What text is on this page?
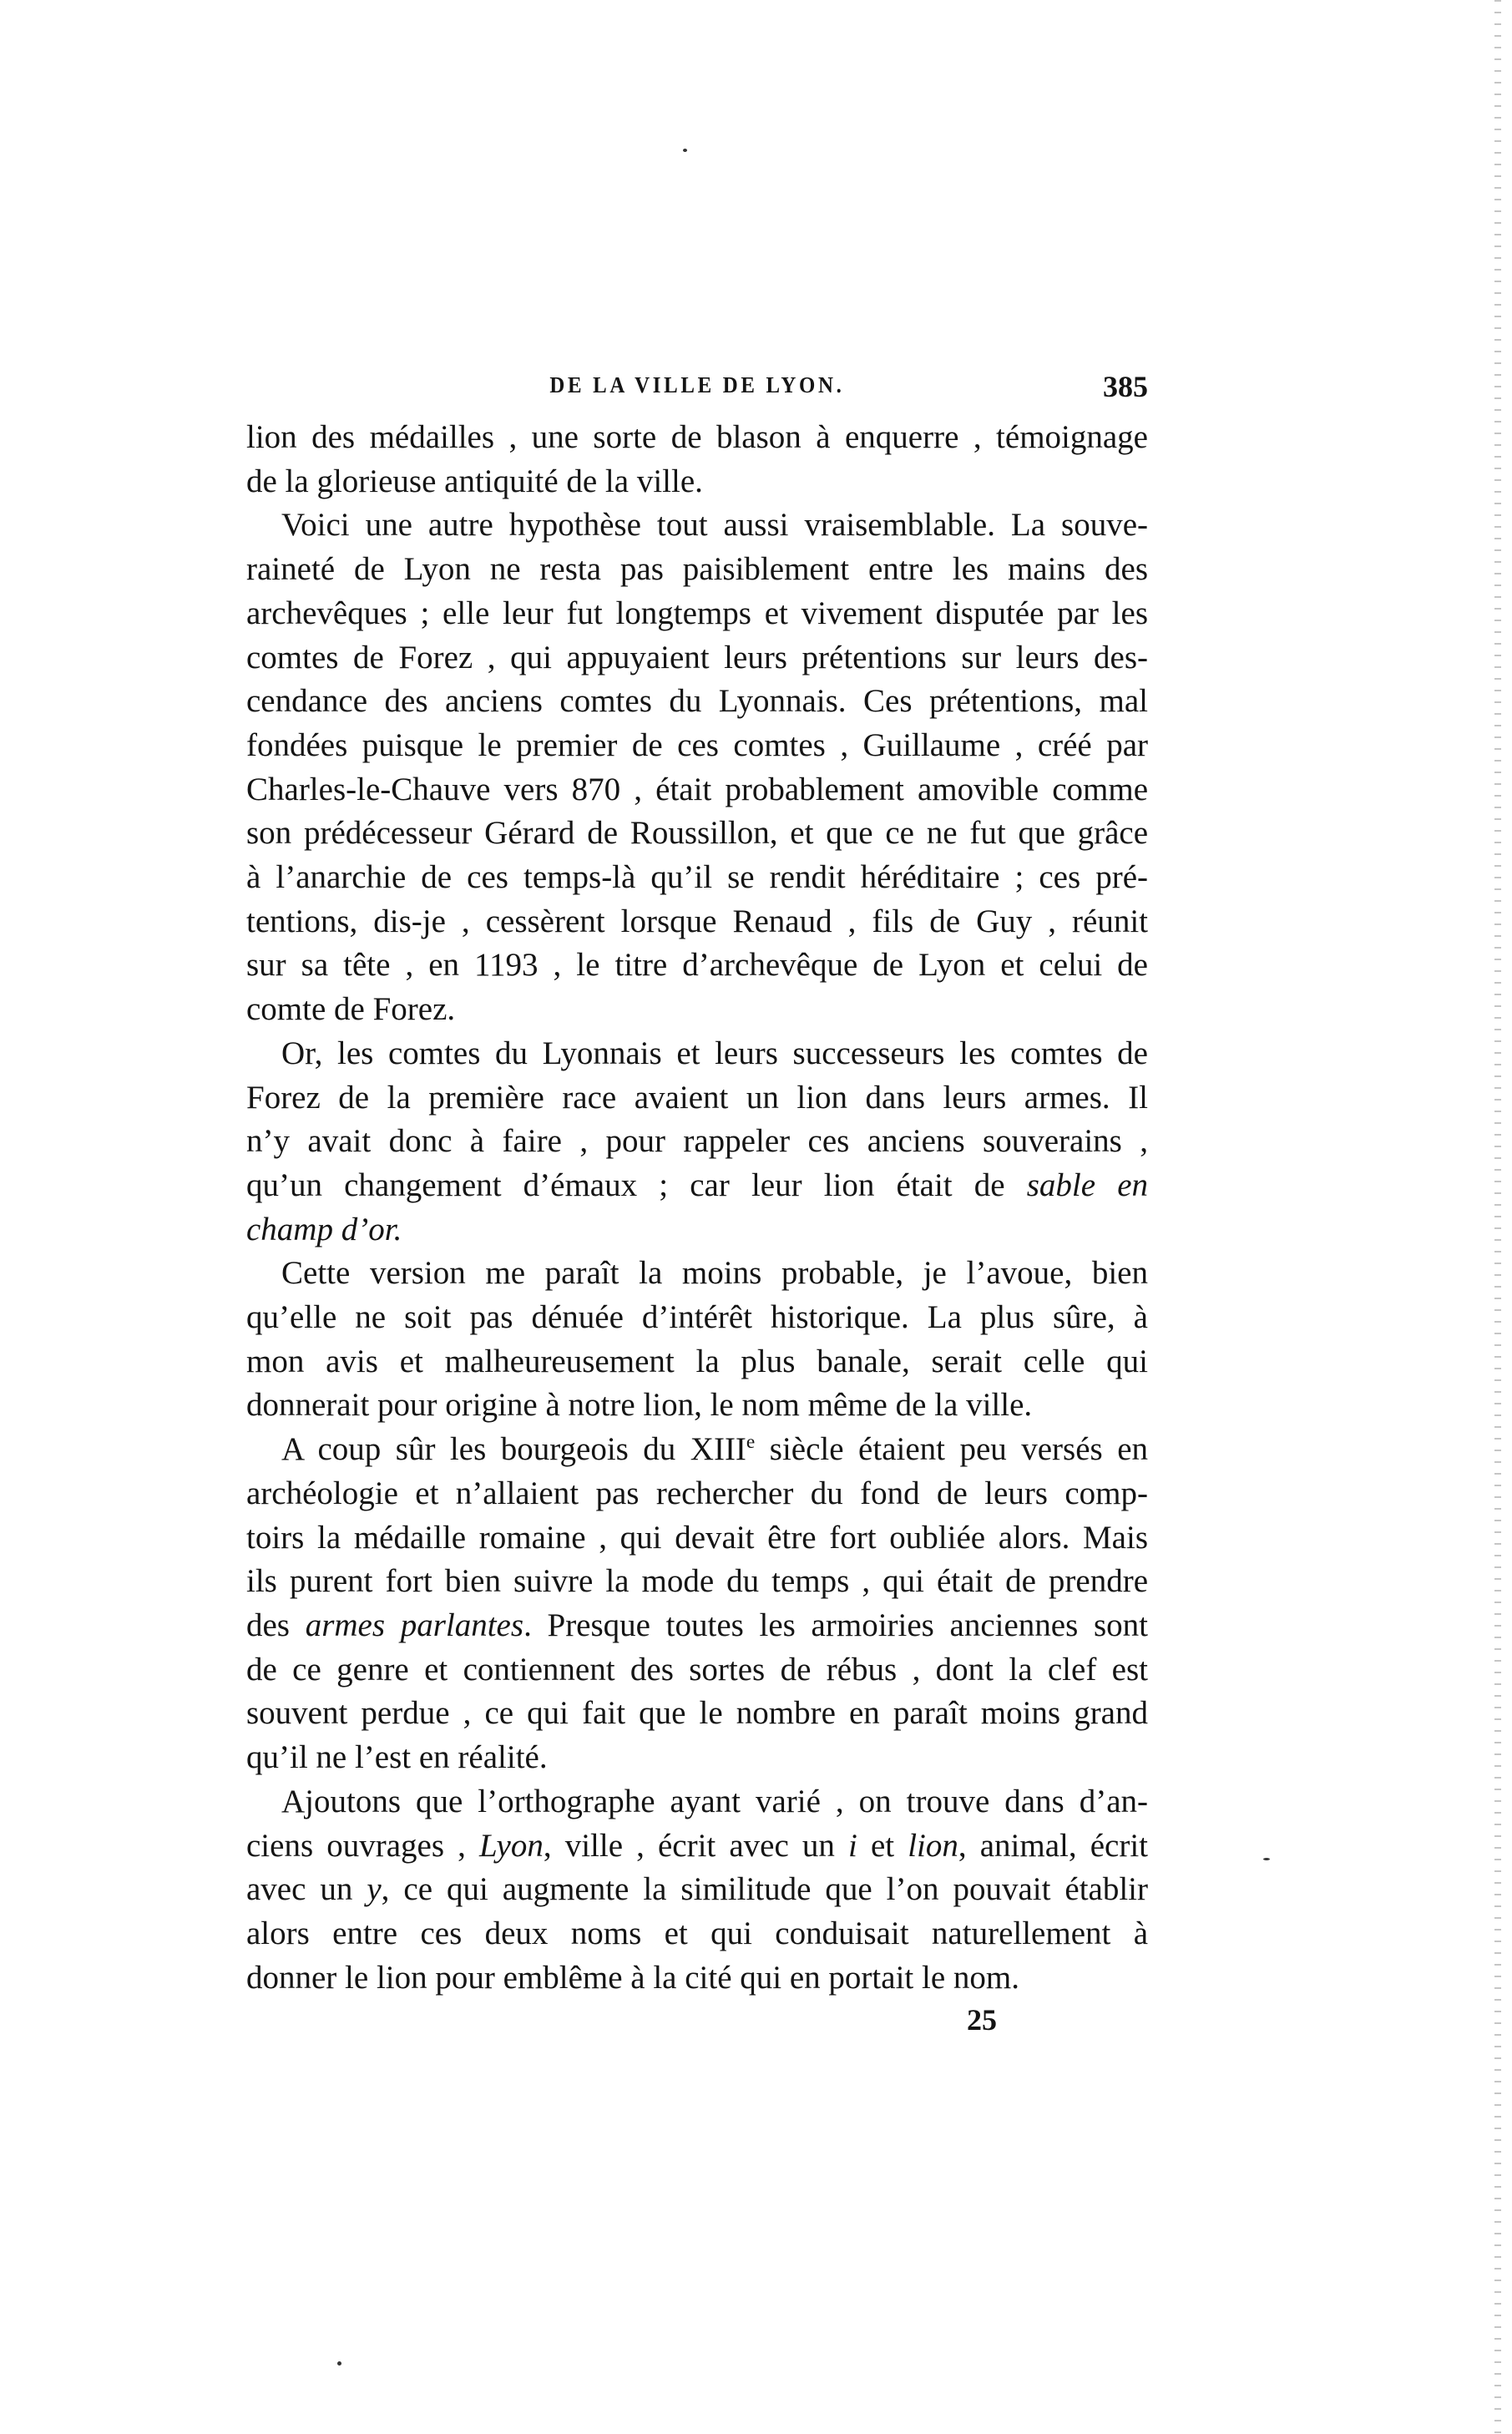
DE LA VILLE DE LYON.	385

lion des médailles , une sorte de blason à enquerre , témoignage
de la glorieuse antiquité de la ville.

Voici une autre hypothèse tout aussi vraisemblable. La souve-
raineté de Lyon ne resta pas paisiblement entre les mains des
archevêques ; elle leur fut longtemps et vivement disputée par les
comtes de Forez , qui appuyaient leurs prétentions sur leurs des-
cendance des anciens comtes du Lyonnais. Ces prétentions, mal
fondées puisque le premier de ces comtes , Guillaume , créé par
Charles-le-Chauve vers 870 , était probablement amovible comme
son prédécesseur Gérard de Roussillon, et que ce ne fut que grâce
à l’anarchie de ces temps-là qu’il se rendit héréditaire ; ces pré-
tentions, dis-je , cessèrent lorsque Renaud , fils de Guy , réunit
sur sa tête , en 1193 , le titre d’archevêque de Lyon et celui de
comte de Forez.

Or, les comtes du Lyonnais et leurs successeurs les comtes de
Forez de la première race avaient un lion dans leurs armes. Il
n’y avait donc à faire , pour rappeler ces anciens souverains ,
qu’un changement d’émaux ; car leur lion était de sable en
champ d’or.

Cette version me paraît la moins probable, je l’avoue, bien
qu’elle ne soit pas dénuée d’intérêt historique. La plus sûre, à
mon avis et malheureusement la plus banale, serait celle qui
donnerait pour origine à notre lion, le nom même de la ville.

A coup sûr les bourgeois du XIIIe siècle étaient peu versés en
archéologie et n’allaient pas rechercher du fond de leurs comp-
toirs la médaille romaine , qui devait être fort oubliée alors. Mais
ils purent fort bien suivre la mode du temps , qui était de prendre
des armes parlantes. Presque toutes les armoiries anciennes sont
de ce genre et contiennent des sortes de rébus , dont la clef est
souvent perdue , ce qui fait que le nombre en paraît moins grand
qu’il ne l’est en réalité.

Ajoutons que l’orthographe ayant varié , on trouve dans d’an-
ciens ouvrages , Lyon, ville , écrit avec un i et lion, animal, écrit
avec un y, ce qui augmente la similitude que l’on pouvait établir
alors entre ces deux noms et qui conduisait naturellement à
donner le lion pour emblême à la cité qui en portait le nom.

25
